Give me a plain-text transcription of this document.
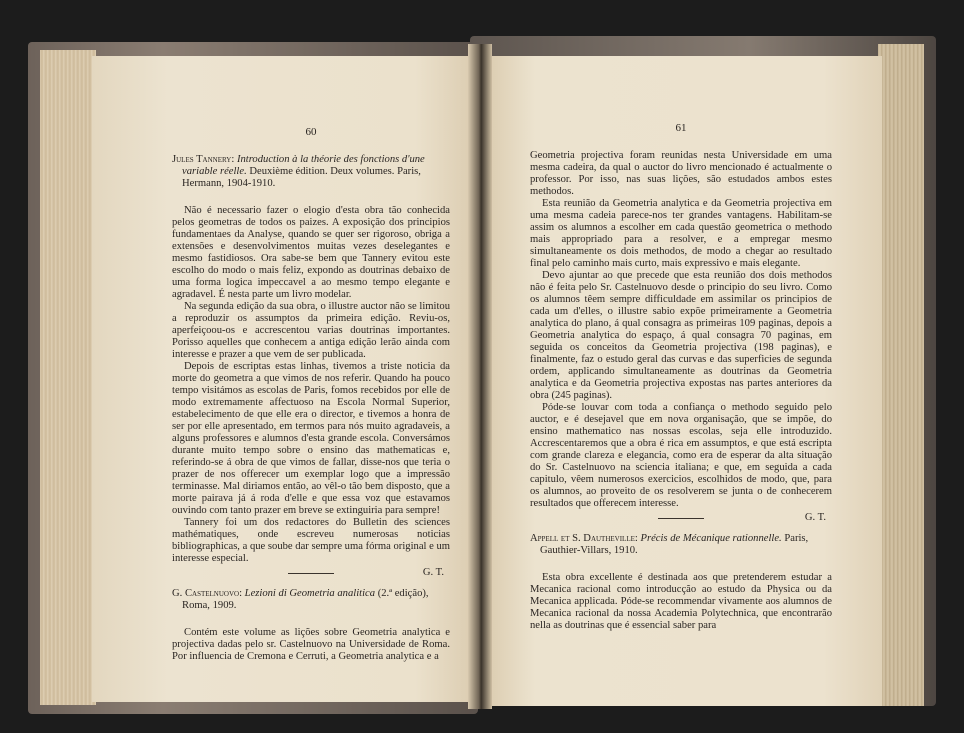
60

Jules Tannery: Introduction à la théorie des fonctions d'une variable réelle. Deuxième édition. Deux volumes. Paris, Hermann, 1904-1910.

Não é necessario fazer o elogio d'esta obra tão conhecida pelos geometras de todos os paizes. A exposição dos principios fundamentaes da Analyse, quando se quer ser rigoroso, obriga a extensões e desenvolvimentos muitas vezes deselegantes e mesmo fastidiosos. Ora sabe-se bem que Tannery evitou este escolho do modo o mais feliz, expondo as doutrinas debaixo de uma forma logica impeccavel a ao mesmo tempo elegante e agradavel. É nesta parte um livro modelar.

Na segunda edição da sua obra, o illustre auctor não se limitou a reproduzir os assumptos da primeira edição. Reviu-os, aperfeiçoou-os e accrescentou varias doutrinas importantes. Porisso aquelles que conhecem a antiga edição lerão ainda com interesse e prazer a que vem de ser publicada.

Depois de escriptas estas linhas, tivemos a triste noticia da morte do geometra a que vimos de nos referir. Quando ha pouco tempo visitámos as escolas de Paris, fomos recebidos por elle de modo extremamente affectuoso na Escola Normal Superior, estabelecimento de que elle era o director, e tivemos a honra de ser por elle apresentado, em termos para nós muito agradaveis, a alguns professores e alumnos d'esta grande escola. Conversámos durante muito tempo sobre o ensino das mathematicas e, referindo-se á obra de que vimos de fallar, disse-nos que teria o prazer de nos offerecer um exemplar logo que a impressão terminasse. Mal diriamos então, ao vêl-o tão bem disposto, que a morte pairava já á roda d'elle e que essa voz que estavamos ouvindo com tanto prazer em breve se extinguiria para sempre!

Tannery foi um dos redactores do Bulletin des sciences mathématiques, onde escreveu numerosas noticias bibliographicas, a que soube dar sempre uma fórma original e um interesse especial.

G. T.

G. Castelnuovo: Lezioni di Geometria analitica (2.ª edição), Roma, 1909.

Contém este volume as lições sobre Geometria analytica e projectiva dadas pelo sr. Castelnuovo na Universidade de Roma. Por influencia de Cremona e Cerruti, a Geometria analytica e a

61

Geometria projectiva foram reunidas nesta Universidade em uma mesma cadeira, da qual o auctor do livro mencionado é actualmente o professor. Por isso, nas suas lições, são estudados ambos estes methodos.

Esta reunião da Geometria analytica e da Geometria projectiva em uma mesma cadeia parece-nos ter grandes vantagens. Habilitam-se assim os alumnos a escolher em cada questão geometrica o methodo mais appropriado para a resolver, e a empregar mesmo simultaneamente os dois methodos, de modo a chegar ao resultado final pelo caminho mais curto, mais expressivo e mais elegante.

Devo ajuntar ao que precede que esta reunião dos dois methodos não é feita pelo Sr. Castelnuovo desde o principio do seu livro. Como os alumnos têem sempre difficuldade em assimilar os principios de cada um d'elles, o illustre sabio expõe primeiramente a Geometria analytica do plano, á qual consagra as primeiras 109 paginas, depois a Geometria analytica do espaço, á qual consagra 70 paginas, em seguida os conceitos da Geometria projectiva (198 paginas), e finalmente, faz o estudo geral das curvas e das superficies de segunda ordem, applicando simultaneamente as doutrinas da Geometria analytica e da Geometria projectiva expostas nas partes anteriores da obra (245 paginas).

Póde-se louvar com toda a confiança o methodo seguido pelo auctor, e é desejavel que em nova organisação, que se impõe, do ensino mathematico nas nossas escolas, seja elle introduzido. Accrescentaremos que a obra é rica em assumptos, e que está escripta com grande clareza e elegancia, como era de esperar da alta situação do Sr. Castelnuovo na sciencia italiana; e que, em seguida a cada capitulo, vêem numerosos exercicios, escolhidos de modo, que, para os alumnos, ao proveito de os resolverem se junta o de conhecerem resultados que offerecem interesse.

G. T.

Appell et S. Dautheville: Précis de Mécanique rationnelle. Paris, Gauthier-Villars, 1910.

Esta obra excellente é destinada aos que pretenderem estudar a Mecanica racional como introducção ao estudo da Physica ou da Mecanica applicada. Póde-se recommendar vivamente aos alumnos de Mecanica racional da nossa Academia Polytechnica, que encontrarão nella as doutrinas que é essencial saber para
